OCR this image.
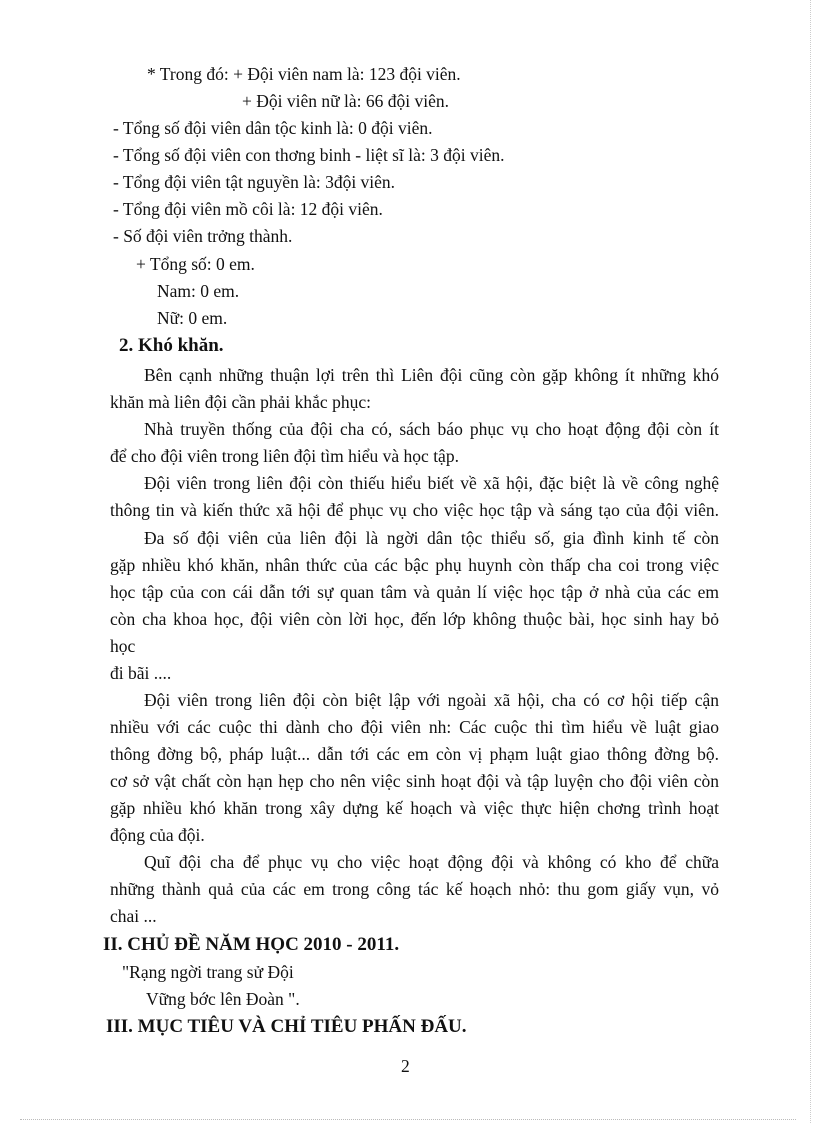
* Trong đó: + Đội viên nam là: 123 đội viên.
+ Đội viên nữ là: 66 đội viên.
- Tổng số đội viên dân tộc kinh là: 0 đội viên.
- Tổng số đội viên con thơng binh - liệt sĩ là: 3 đội viên.
- Tổng đội viên tật nguyền là: 3đội viên.
- Tổng đội viên mồ côi là: 12 đội viên.
- Số đội viên trởng thành.
+ Tổng số: 0 em.
Nam: 0 em.
Nữ: 0 em.
2. Khó khăn.
Bên cạnh những thuận lợi trên thì Liên đội cũng còn gặp không ít những khó
khăn mà liên đội cần phải khắc phục:
Nhà truyền thống của đội cha có, sách báo phục vụ cho hoạt động đội còn ít
để cho đội viên trong liên đội tìm hiểu và học tập.
Đội viên trong liên đội còn thiếu hiểu biết về xã hội, đặc biệt là về công nghệ
thông tin và kiến thức xã hội để phục vụ cho việc học tập và sáng tạo của đội viên.
Đa số đội viên của liên đội là ngời dân tộc thiểu số, gia đình kinh tế còn
gặp nhiều khó khăn, nhân thức của các bậc phụ huynh còn thấp cha coi trong việc
học tập của con cái dẫn tới sự quan tâm và quản lí việc học tập ở nhà của các em
còn cha khoa học, đội viên còn lời học, đến lớp không thuộc bài, học sinh hay bỏ
học
đi bãi ....
Đội viên trong liên đội còn biệt lập với ngoài xã hội, cha có cơ hội tiếp cận
nhiều với các cuộc thi dành cho đội viên nh: Các cuộc thi tìm hiểu về luật giao
thông đờng bộ, pháp luật... dẫn tới các em còn vị phạm luật giao thông đờng bộ.
cơ sở vật chất còn hạn hẹp cho nên việc sinh hoạt đội và tập luyện cho đội viên còn
gặp nhiều khó khăn trong xây dựng kế hoạch và việc thực hiện chơng trình hoạt
động của đội.
Quĩ đội cha để phục vụ cho việc hoạt động đội và không có kho để chữa
những thành quả của các em trong công tác kế hoạch nhỏ: thu gom giấy vụn, vỏ
chai ...
II. CHỦ ĐỀ NĂM HỌC 2010 - 2011.
"Rạng ngời trang sử Đội
Vững bớc lên Đoàn ".
III. MỤC TIÊU VÀ CHỈ TIÊU PHẤN ĐẤU.
2
